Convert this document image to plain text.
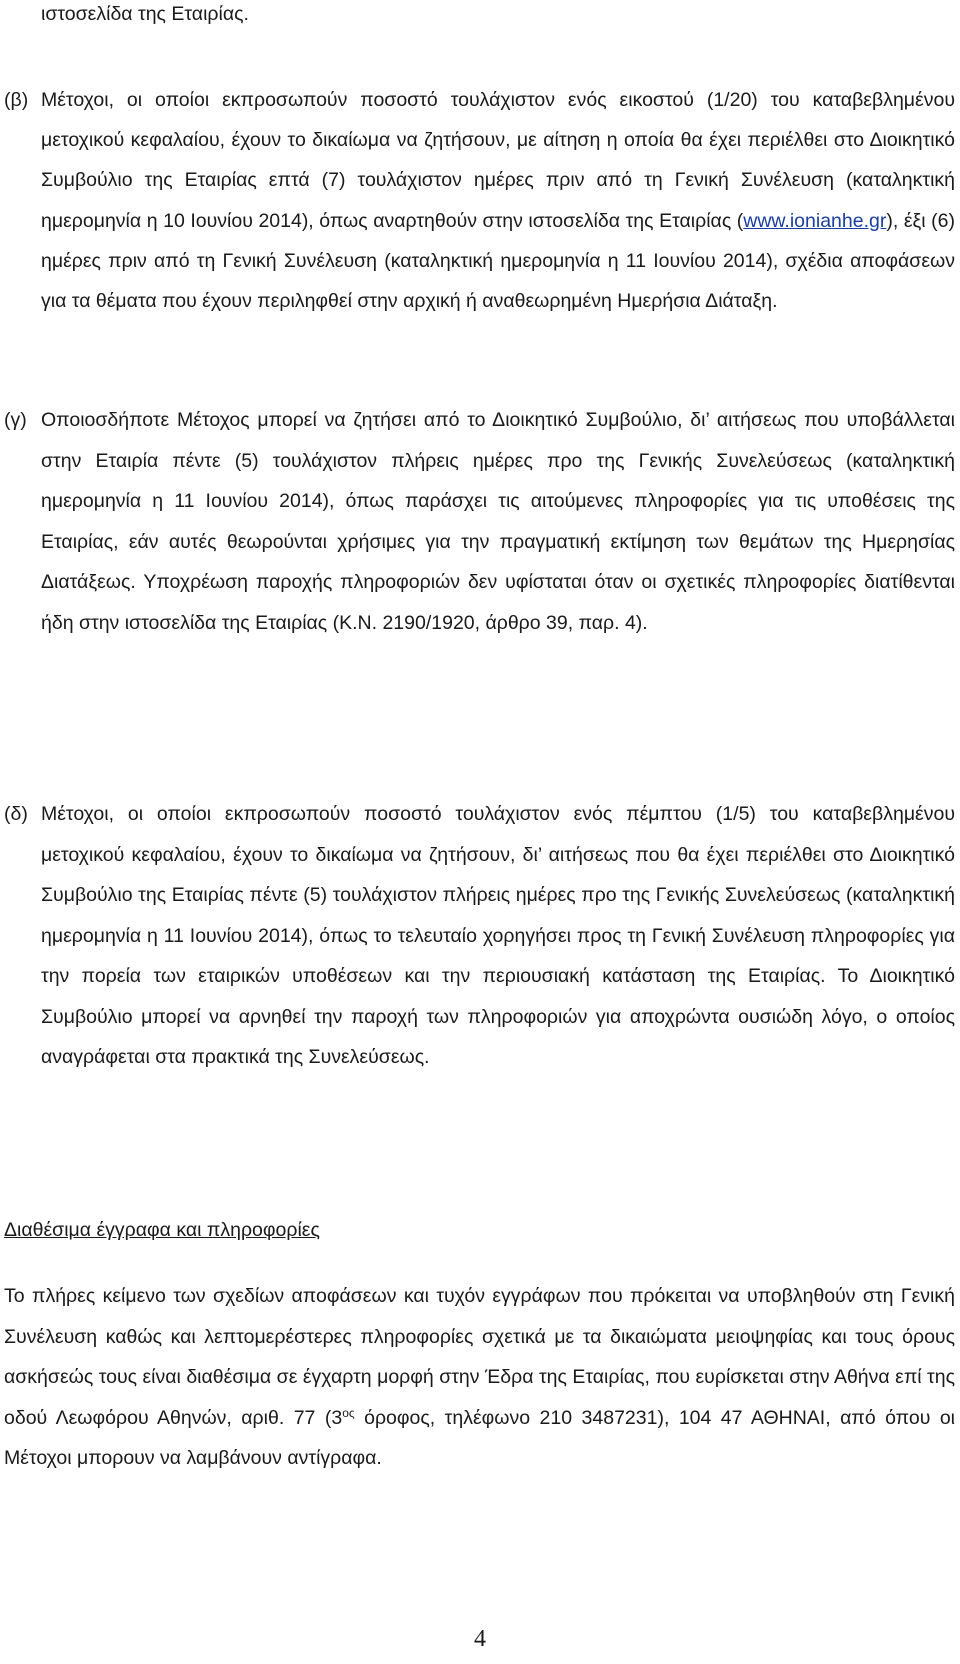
ιστοσελίδα της Εταιρίας.
(β) Μέτοχοι, οι οποίοι εκπροσωπούν ποσοστό τουλάχιστον ενός εικοστού (1/20) του καταβεβλημένου μετοχικού κεφαλαίου, έχουν το δικαίωμα να ζητήσουν, με αίτηση η οποία θα έχει περιέλθει στο Διοικητικό Συμβούλιο της Εταιρίας επτά (7) τουλάχιστον ημέρες πριν από τη Γενική Συνέλευση (καταληκτική ημερομηνία η 10 Ιουνίου 2014), όπως αναρτηθούν στην ιστοσελίδα της Εταιρίας (www.ionianhe.gr), έξι (6) ημέρες πριν από τη Γενική Συνέλευση (καταληκτική ημερομηνία η 11 Ιουνίου 2014), σχέδια αποφάσεων για τα θέματα που έχουν περιληφθεί στην αρχική ή αναθεωρημένη Ημερήσια Διάταξη.
(γ) Οποιοσδήποτε Μέτοχος μπορεί να ζητήσει από το Διοικητικό Συμβούλιο, δι’ αιτήσεως που υποβάλλεται στην Εταιρία πέντε (5) τουλάχιστον πλήρεις ημέρες προ της Γενικής Συνελεύσεως (καταληκτική ημερομηνία η 11 Ιουνίου 2014), όπως παράσχει τις αιτούμενες πληροφορίες για τις υποθέσεις της Εταιρίας, εάν αυτές θεωρούνται χρήσιμες για την πραγματική εκτίμηση των θεμάτων της Ημερησίας Διατάξεως. Υποχρέωση παροχής πληροφοριών δεν υφίσταται όταν οι σχετικές πληροφορίες διατίθενται ήδη στην ιστοσελίδα της Εταιρίας (Κ.Ν. 2190/1920, άρθρο 39, παρ. 4).
(δ) Μέτοχοι, οι οποίοι εκπροσωπούν ποσοστό τουλάχιστον ενός πέμπτου (1/5) του καταβεβλημένου μετοχικού κεφαλαίου, έχουν το δικαίωμα να ζητήσουν, δι’ αιτήσεως που θα έχει περιέλθει στο Διοικητικό Συμβούλιο της Εταιρίας πέντε (5) τουλάχιστον πλήρεις ημέρες προ της Γενικής Συνελεύσεως (καταληκτική ημερομηνία η 11 Ιουνίου 2014), όπως το τελευταίο χορηγήσει προς τη Γενική Συνέλευση πληροφορίες για την πορεία των εταιρικών υποθέσεων και την περιουσιακή κατάσταση της Εταιρίας. Το Διοικητικό Συμβούλιο μπορεί να αρνηθεί την παροχή των πληροφοριών για αποχρώντα ουσιώδη λόγο, ο οποίος αναγράφεται στα πρακτικά της Συνελεύσεως.
Διαθέσιμα έγγραφα και πληροφορίες
Το πλήρες κείμενο των σχεδίων αποφάσεων και τυχόν εγγράφων που πρόκειται να υποβληθούν στη Γενική Συνέλευση καθώς και λεπτομερέστερες πληροφορίες σχετικά με τα δικαιώματα μειοψηφίας και τους όρους ασκήσεώς τους είναι διαθέσιμα σε έγχαρτη μορφή στην Έδρα της Εταιρίας, που ευρίσκεται στην Αθήνα επί της οδού Λεωφόρου Αθηνών, αριθ. 77 ($3^{o\varsigma}$ όροφος, τηλέφωνο 210 3487231), 104 47 ΑΘΗΝΑΙ, από όπου οι Μέτοχοι μπορουν να λαμβάνουν αντίγραφα.
4
